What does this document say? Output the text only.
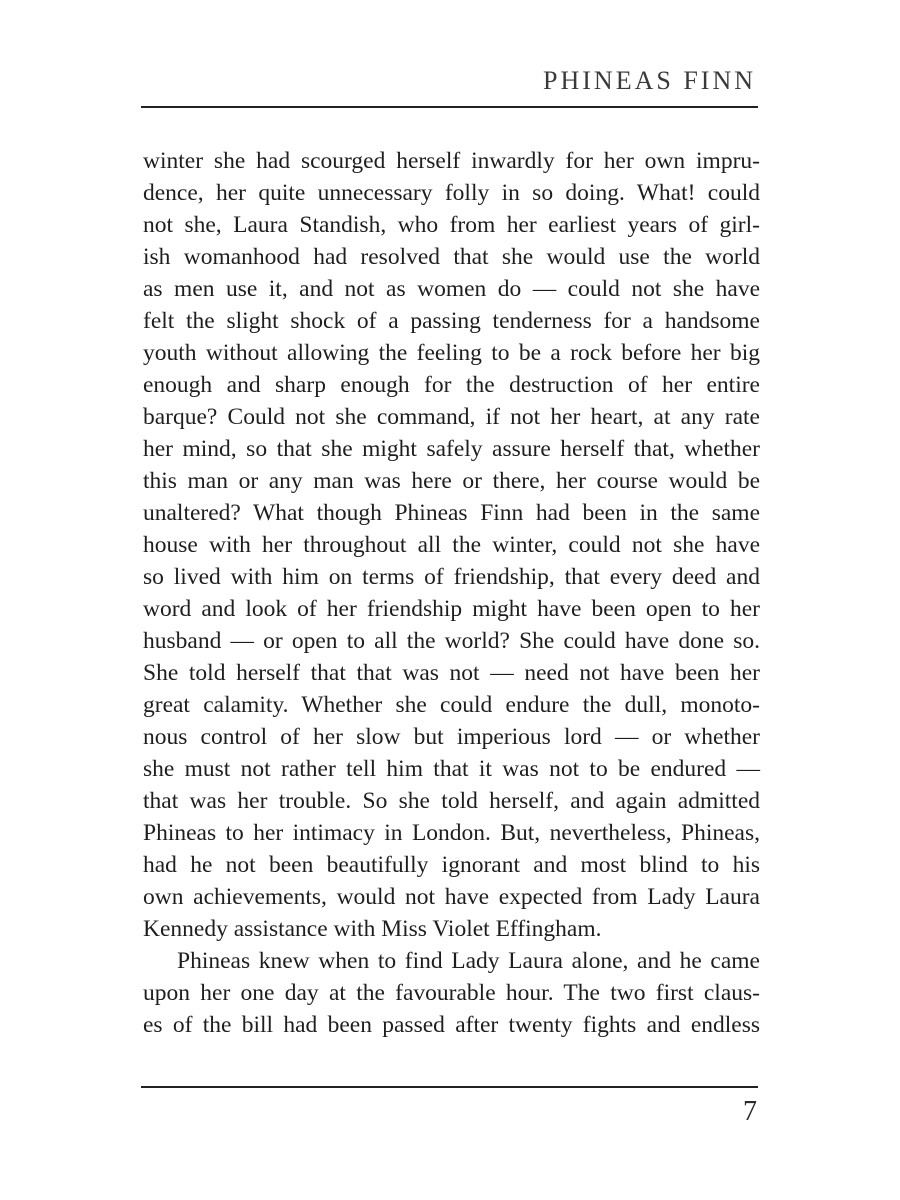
PHINEAS FINN
winter she had scourged herself inwardly for her own impru-
dence, her quite unnecessary folly in so doing. What! could
not she, Laura Standish, who from her earliest years of girl-
ish womanhood had resolved that she would use the world
as men use it, and not as women do — could not she have
felt the slight shock of a passing tenderness for a handsome
youth without allowing the feeling to be a rock before her big
enough and sharp enough for the destruction of her entire
barque? Could not she command, if not her heart, at any rate
her mind, so that she might safely assure herself that, whether
this man or any man was here or there, her course would be
unaltered? What though Phineas Finn had been in the same
house with her throughout all the winter, could not she have
so lived with him on terms of friendship, that every deed and
word and look of her friendship might have been open to her
husband — or open to all the world? She could have done so.
She told herself that that was not — need not have been her
great calamity. Whether she could endure the dull, monoto-
nous control of her slow but imperious lord — or whether
she must not rather tell him that it was not to be endured —
that was her trouble. So she told herself, and again admitted
Phineas to her intimacy in London. But, nevertheless, Phineas,
had he not been beautifully ignorant and most blind to his
own achievements, would not have expected from Lady Laura
Kennedy assistance with Miss Violet Effingham.
Phineas knew when to find Lady Laura alone, and he came
upon her one day at the favourable hour. The two first claus-
es of the bill had been passed after twenty fights and endless
7
